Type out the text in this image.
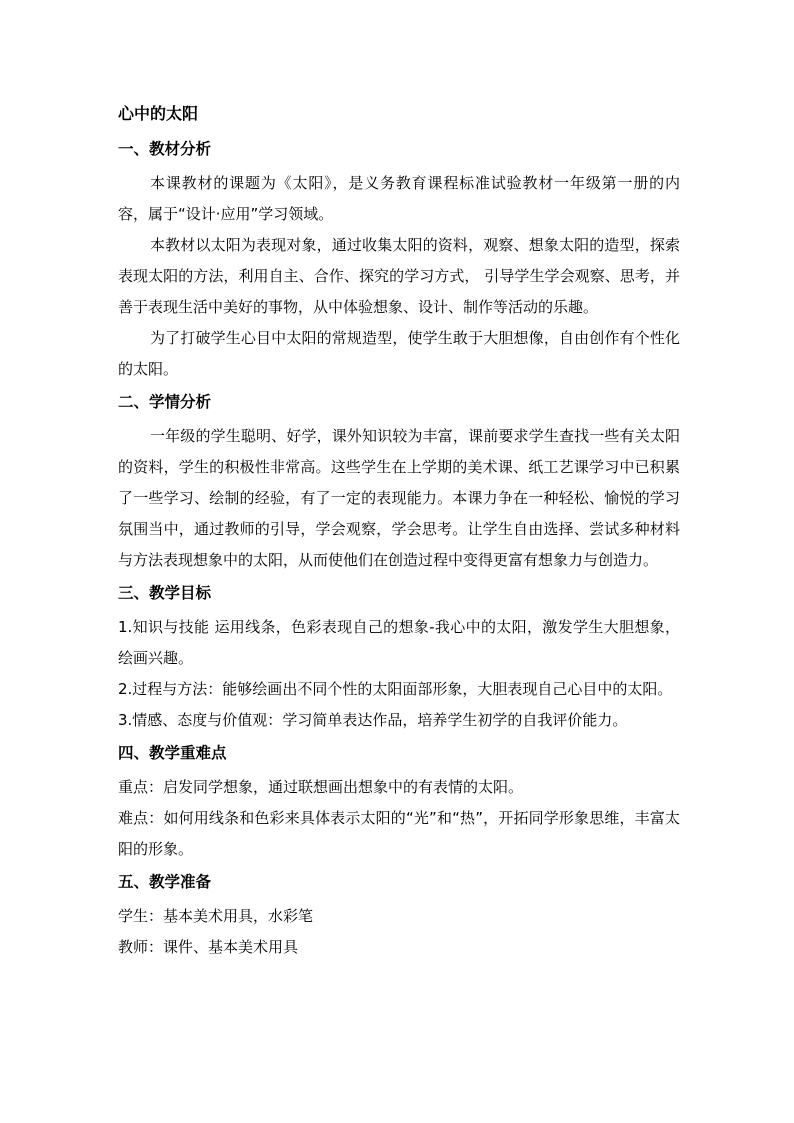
心中的太阳
一、教材分析

本课教材的课题为《太阳》，是义务教育课程标准试验教材一年级第一册的内容，属于“设计·应用”学习领域。

本教材以太阳为表现对象，通过收集太阳的资料，观察、想象太阳的造型，探索表现太阳的方法，利用自主、合作、探究的学习方式， 引导学生学会观察、思考，并善于表现生活中美好的事物，从中体验想象、设计、制作等活动的乐趣。

为了打破学生心目中太阳的常规造型，使学生敢于大胆想像，自由创作有个性化的太阳。

二、学情分析

一年级的学生聪明、好学，课外知识较为丰富，课前要求学生查找一些有关太阳的资料，学生的积极性非常高。这些学生在上学期的美术课、纸工艺课学习中已积累了一些学习、绘制的经验，有了一定的表现能力。本课力争在一种轻松、愉悦的学习氛围当中，通过教师的引导，学会观察，学会思考。让学生自由选择、尝试多种材料与方法表现想象中的太阳，从而使他们在创造过程中变得更富有想象力与创造力。

三、教学目标

1.知识与技能 运用线条，色彩表现自己的想象-我心中的太阳，激发学生大胆想象，绘画兴趣。

2.过程与方法：能够绘画出不同个性的太阳面部形象，大胆表现自己心目中的太阳。

3.情感、态度与价值观：学习简单表达作品，培养学生初学的自我评价能力。

四、教学重难点

重点：启发同学想象，通过联想画出想象中的有表情的太阳。

难点：如何用线条和色彩来具体表示太阳的“光”和“热”，开拓同学形象思维，丰富太阳的形象。

五、教学准备

学生：基本美术用具，水彩笔

教师：课件、基本美术用具
